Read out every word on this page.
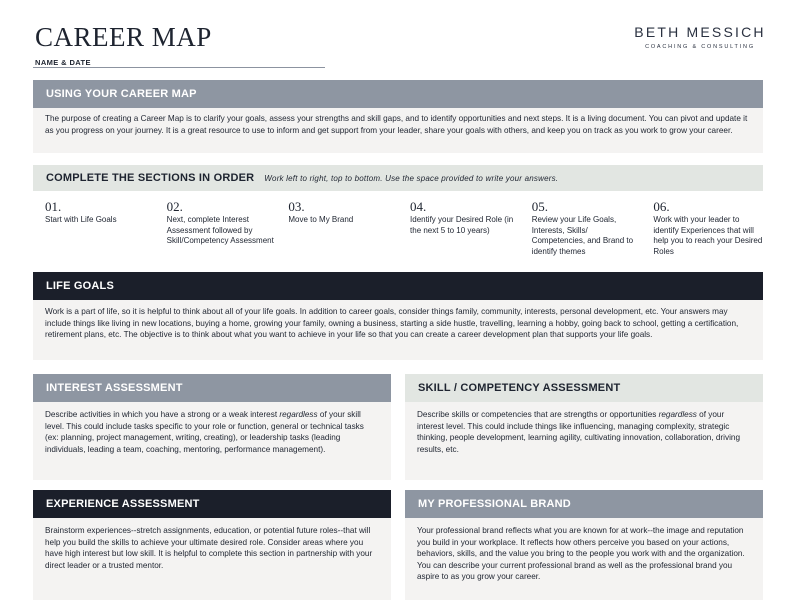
CAREER MAP
NAME & DATE
BETH MESSICH
COACHING & CONSULTING
USING YOUR CAREER MAP
The purpose of creating a Career Map is to clarify your goals, assess your strengths and skill gaps, and to identify opportunities and next steps. It is a living document. You can pivot and update it as you progress on your journey. It is a great resource to use to inform and get support from your leader, share your goals with others, and keep you on track as you work to grow your career.
COMPLETE THE SECTIONS IN ORDER Work left to right, top to bottom. Use the space provided to write your answers.
01.
Start with Life Goals
02.
Next, complete Interest Assessment followed by Skill/Competency Assessment
03.
Move to My Brand
04.
Identify your Desired Role (in the next 5 to 10 years)
05.
Review your Life Goals, Interests, Skills/ Competencies, and Brand to identify themes
06.
Work with your leader to identify Experiences that will help you to reach your Desired Roles
LIFE GOALS
Work is a part of life, so it is helpful to think about all of your life goals. In addition to career goals, consider things family, community, interests, personal development, etc. Your answers may include things like living in new locations, buying a home, growing your family, owning a business, starting a side hustle, travelling, learning a hobby, going back to school, getting a certification, retirement plans, etc. The objective is to think about what you want to achieve in your life so that you can create a career development plan that supports your life goals.
INTEREST ASSESSMENT
Describe activities in which you have a strong or a weak interest regardless of your skill level. This could include tasks specific to your role or function, general or technical tasks (ex: planning, project management, writing, creating), or leadership tasks (leading individuals, leading a team, coaching, mentoring, performance management).
SKILL / COMPETENCY ASSESSMENT
Describe skills or competencies that are strengths or opportunities regardless of your interest level. This could include things like influencing, managing complexity, strategic thinking, people development, learning agility, cultivating innovation, collaboration, driving results, etc.
EXPERIENCE ASSESSMENT
Brainstorm experiences--stretch assignments, education, or potential future roles--that will help you build the skills to achieve your ultimate desired role. Consider areas where you have high interest but low skill. It is helpful to complete this section in partnership with your direct leader or a trusted mentor.
MY PROFESSIONAL BRAND
Your professional brand reflects what you are known for at work--the image and reputation you build in your workplace. It reflects how others perceive you based on your actions, behaviors, skills, and the value you bring to the people you work with and the organization. You can describe your current professional brand as well as the professional brand you aspire to as you grow your career.
